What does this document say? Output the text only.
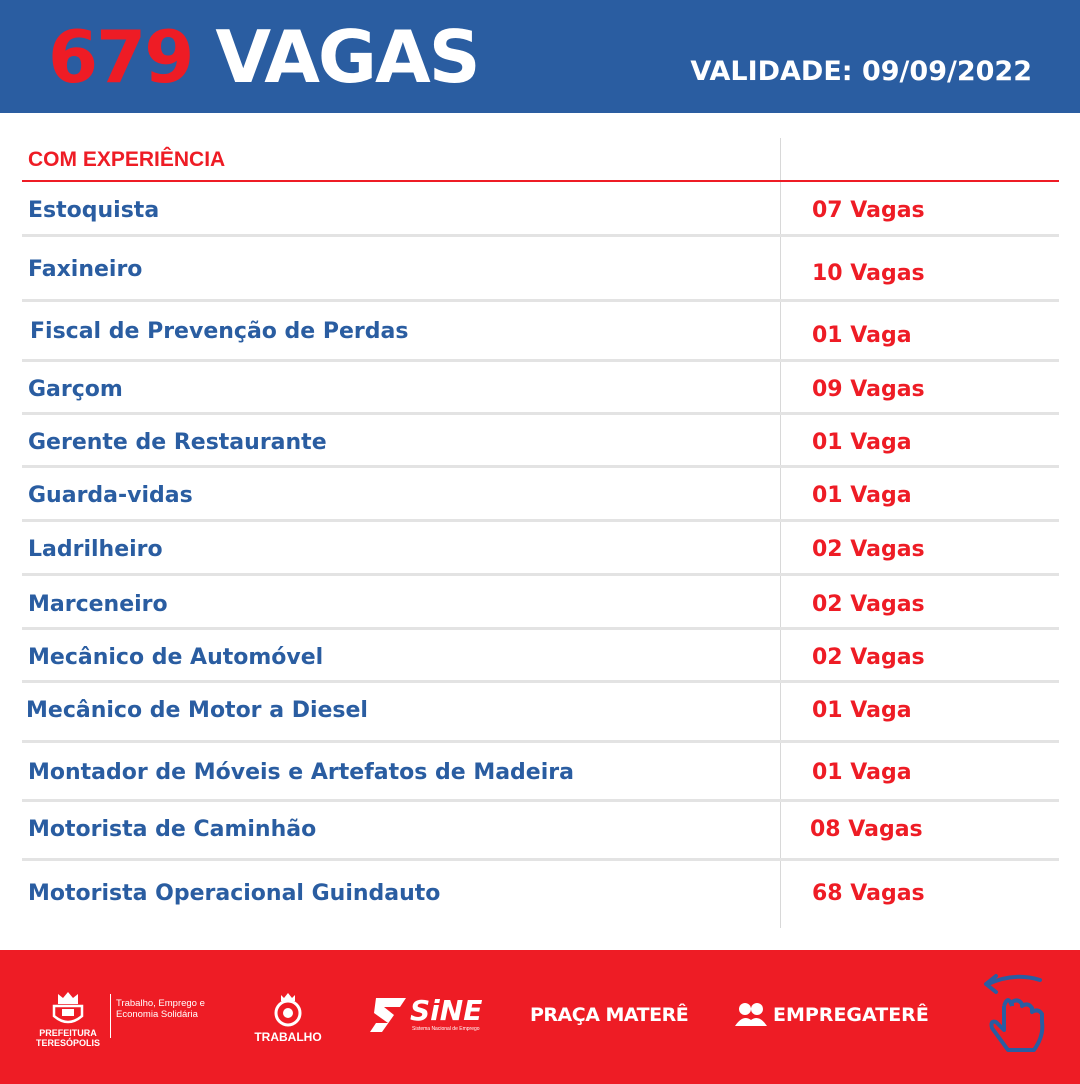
679 VAGAS	VALIDADE: 09/09/2022
COM EXPERIÊNCIA
Estoquista	07 Vagas
Faxineiro	10 Vagas
Fiscal de Prevenção de Perdas	01 Vaga
Garçom	09 Vagas
Gerente de Restaurante	01 Vaga
Guarda-vidas	01 Vaga
Ladrilheiro	02 Vagas
Marceneiro	02 Vagas
Mecânico de Automóvel	02 Vagas
Mecânico de Motor a Diesel	01 Vaga
Montador de Móveis e Artefatos de Madeira	01 Vaga
Motorista de Caminhão	08 Vagas
Motorista Operacional Guindauto	68 Vagas
PREFEITURA
TERESÓPOLIS
Trabalho, Emprego e Economia Solidária
TRABALHO
SiNE
Sistema Nacional de Emprego
PRAÇA MATERÊ	EMPREGATERÊ
